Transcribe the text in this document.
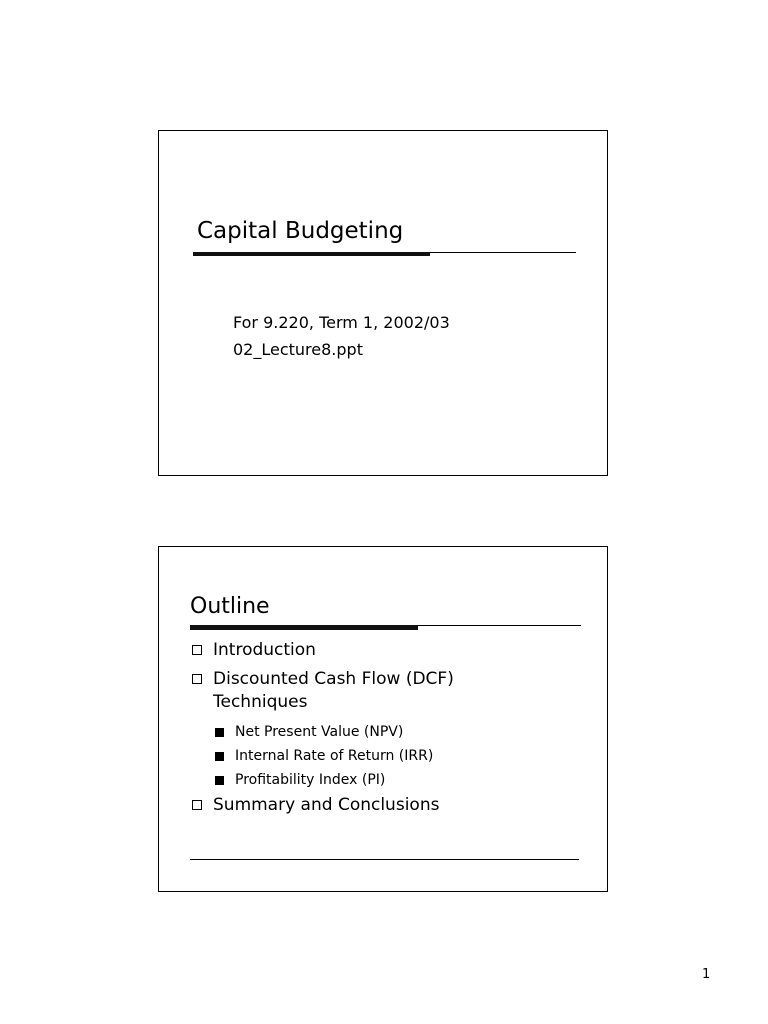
Capital Budgeting
For 9.220, Term 1, 2002/03
02_Lecture8.ppt
Outline
Introduction
Discounted Cash Flow (DCF)
Techniques
Net Present Value (NPV)
Internal Rate of Return (IRR)
Profitability Index (PI)
Summary and Conclusions
1
